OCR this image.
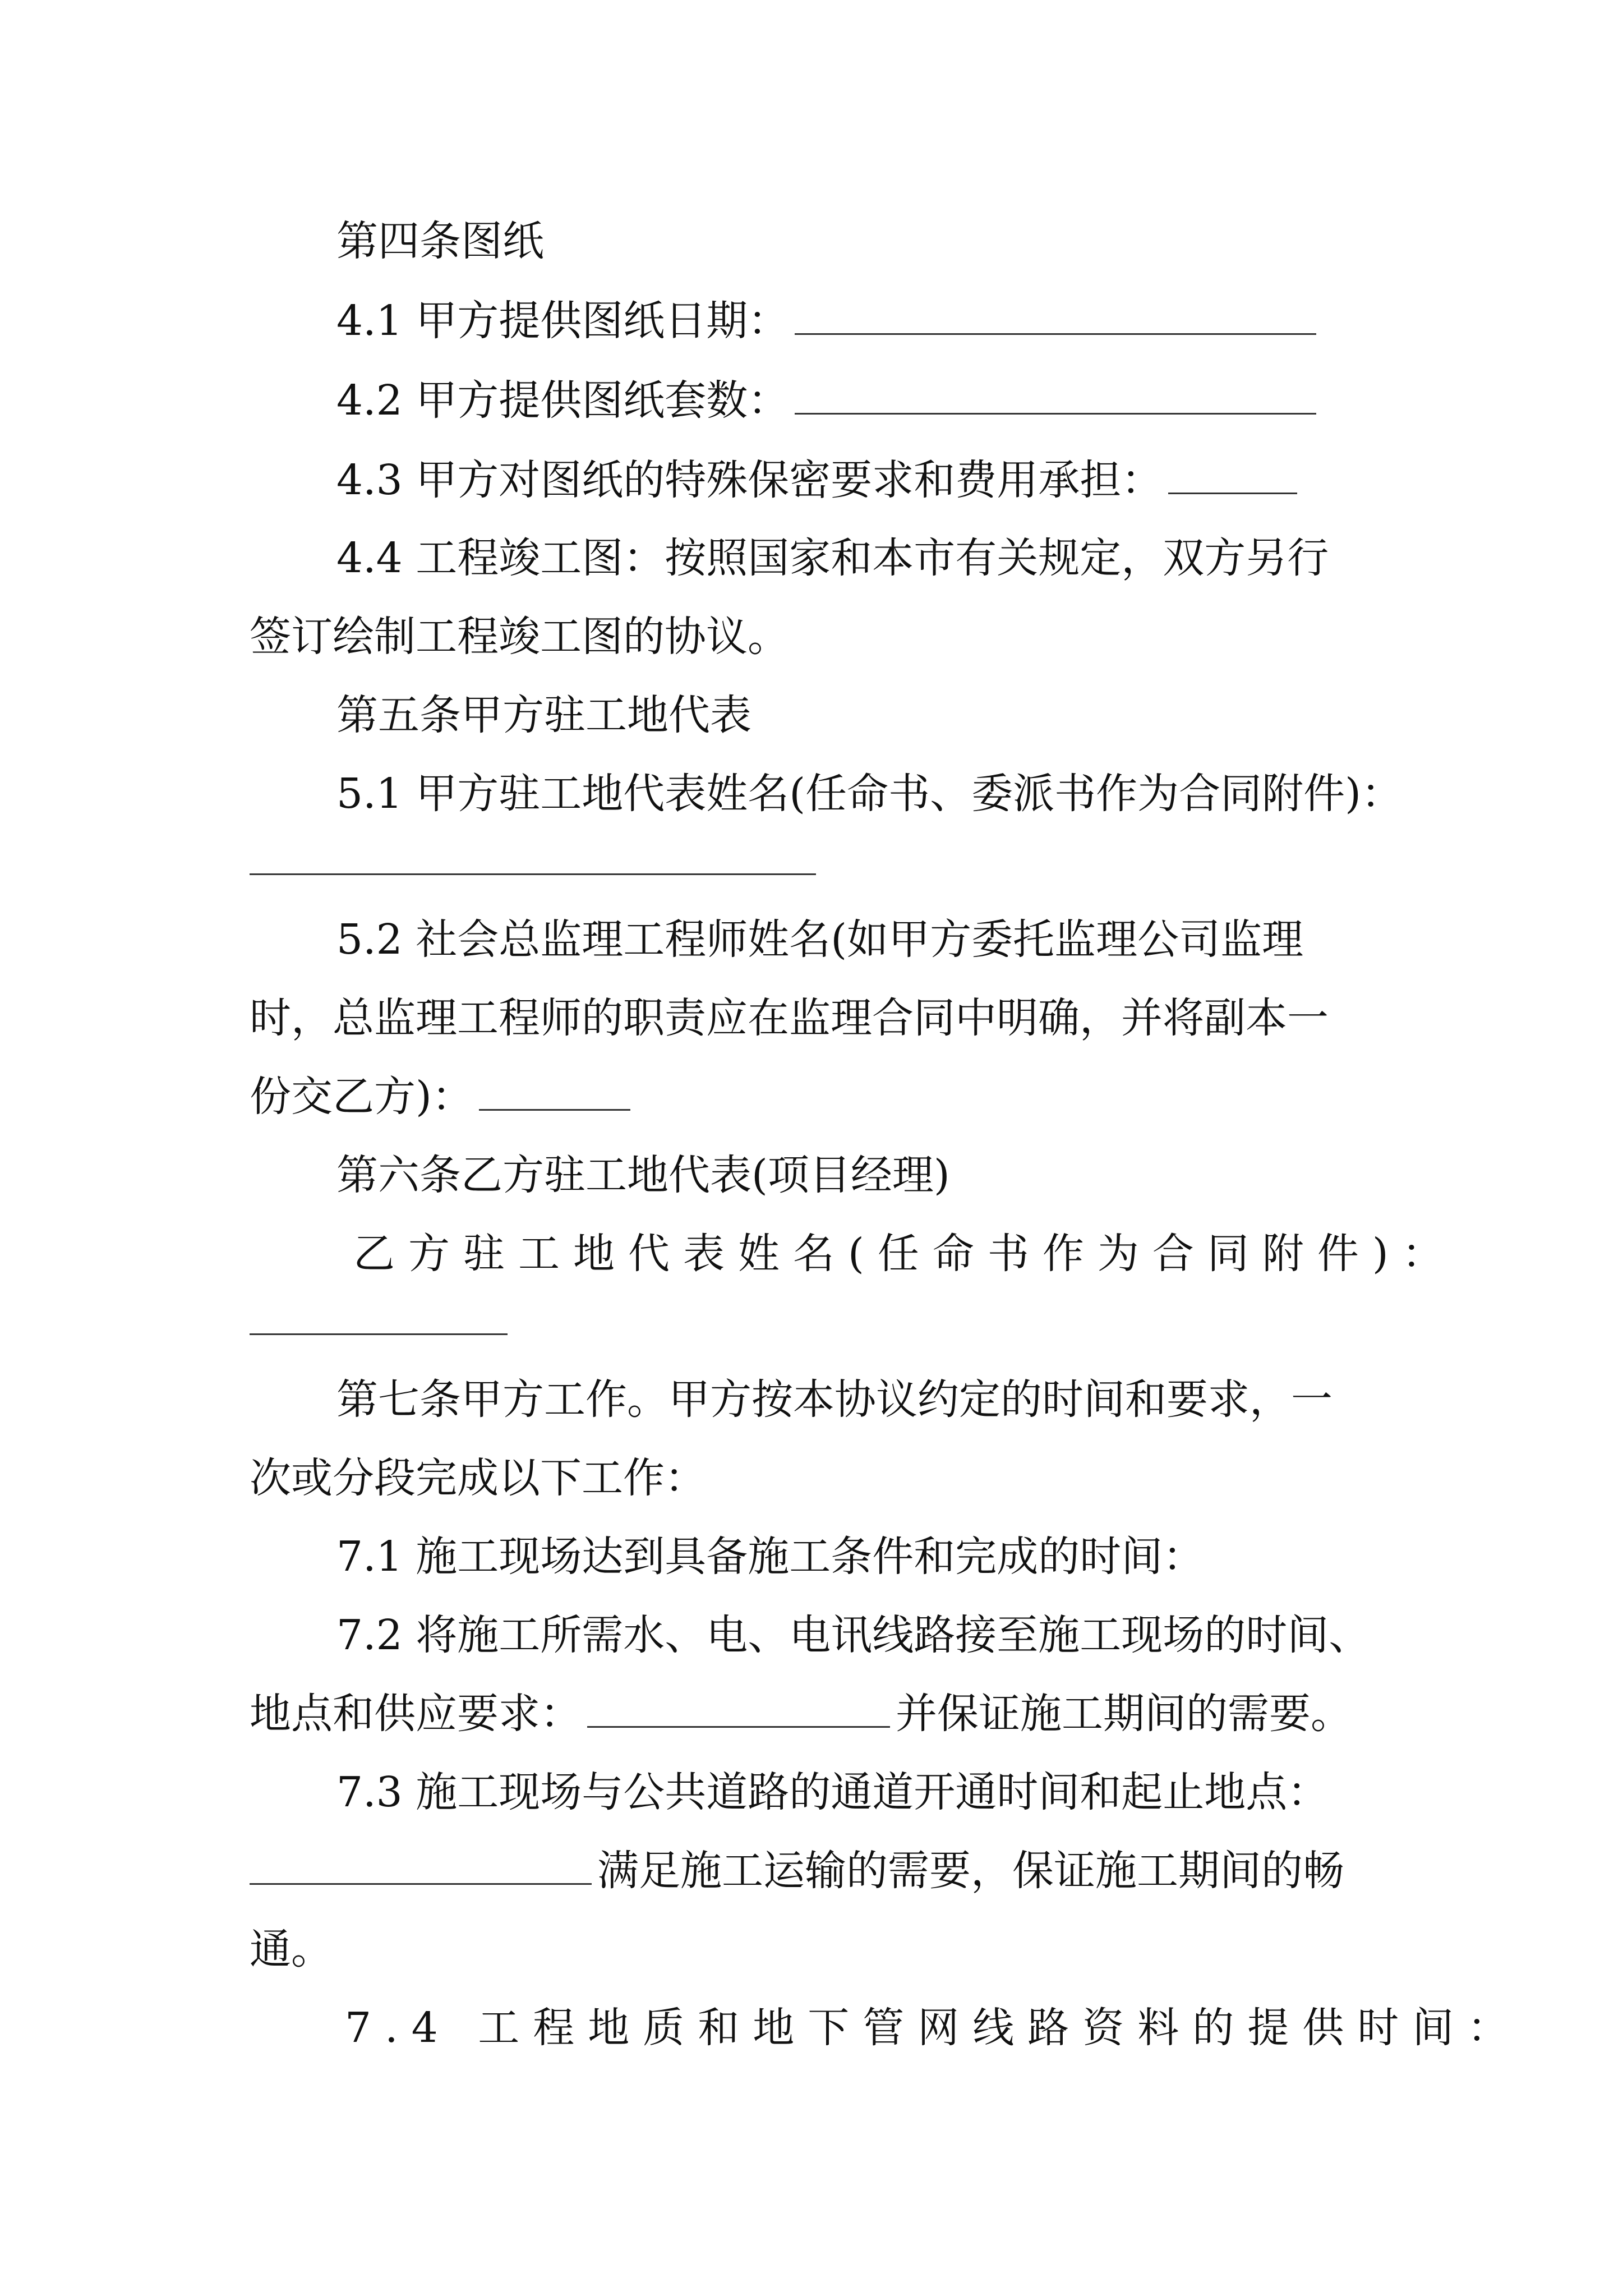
第四条图纸

4.1 甲方提供图纸日期：

4.2 甲方提供图纸套数：

4.3 甲方对图纸的特殊保密要求和费用承担：

4.4 工程竣工图：按照国家和本市有关规定，双方另行

签订绘制工程竣工图的协议。

第五条甲方驻工地代表

5.1 甲方驻工地代表姓名(任命书、委派书作为合同附件)：

5.2 社会总监理工程师姓名(如甲方委托监理公司监理

时，总监理工程师的职责应在监理合同中明确，并将副本一

份交乙方)：

第六条乙方驻工地代表(项目经理)

乙方驻工地代表姓名(任命书作为合同附件)：

第七条甲方工作。甲方按本协议约定的时间和要求，一

次或分段完成以下工作：

7.1 施工现场达到具备施工条件和完成的时间：

7.2 将施工所需水、电、电讯线路接至施工现场的时间、

地点和供应要求：	并保证施工期间的需要。

7.3 施工现场与公共道路的通道开通时间和起止地点：

满足施工运输的需要，保证施工期间的畅

通。

7.4 工程地质和地下管网线路资料的提供时间：
